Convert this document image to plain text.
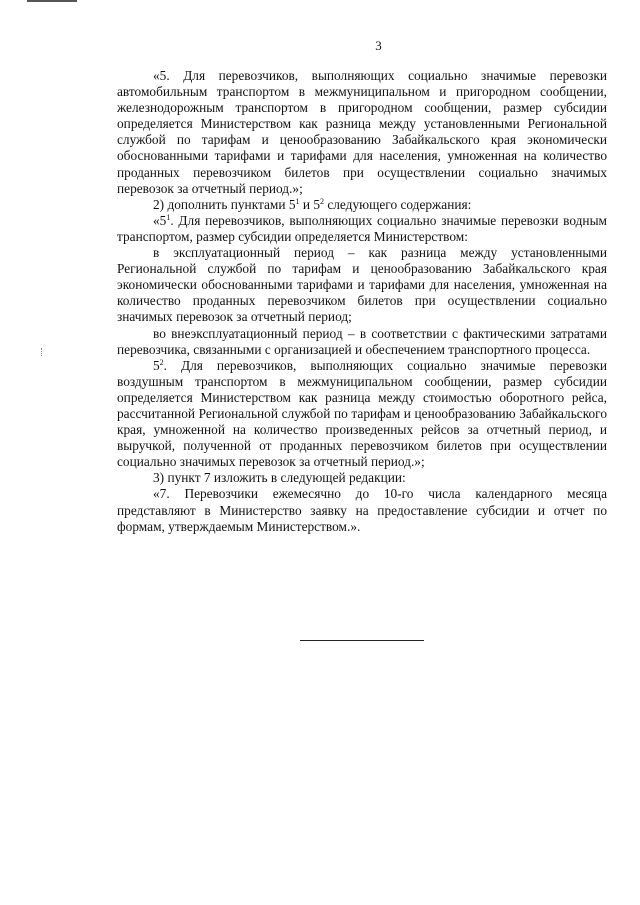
3

«5. Для перевозчиков, выполняющих социально значимые перевозки автомобильным транспортом в межмуниципальном и пригородном сообщении, железнодорожным транспортом в пригородном сообщении, размер субсидии определяется Министерством как разница между установленными Региональной службой по тарифам и ценообразованию Забайкальского края экономически обоснованными тарифами и тарифами для населения, умноженная на количество проданных перевозчиком билетов при осуществлении социально значимых перевозок за отчетный период.»;

2) дополнить пунктами $5^1$ и $5^2$ следующего содержания:

«$5^1$. Для перевозчиков, выполняющих социально значимые перевозки водным транспортом, размер субсидии определяется Министерством:

в эксплуатационный период – как разница между установленными Региональной службой по тарифам и ценообразованию Забайкальского края экономически обоснованными тарифами и тарифами для населения, умноженная на количество проданных перевозчиком билетов при осуществлении социально значимых перевозок за отчетный период;

во внеэксплуатационный период – в соответствии с фактическими затратами перевозчика, связанными с организацией и обеспечением транспортного процесса.

$5^2$. Для перевозчиков, выполняющих социально значимые перевозки воздушным транспортом в межмуниципальном сообщении, размер субсидии определяется Министерством как разница между стоимостью оборотного рейса, рассчитанной Региональной службой по тарифам и ценообразованию Забайкальского края, умноженной на количество произведенных рейсов за отчетный период, и выручкой, полученной от проданных перевозчиком билетов при осуществлении социально значимых перевозок за отчетный период.»;

3) пункт 7 изложить в следующей редакции:

«7. Перевозчики ежемесячно до 10-го числа календарного месяца представляют в Министерство заявку на предоставление субсидии и отчет по формам, утверждаемым Министерством.».
